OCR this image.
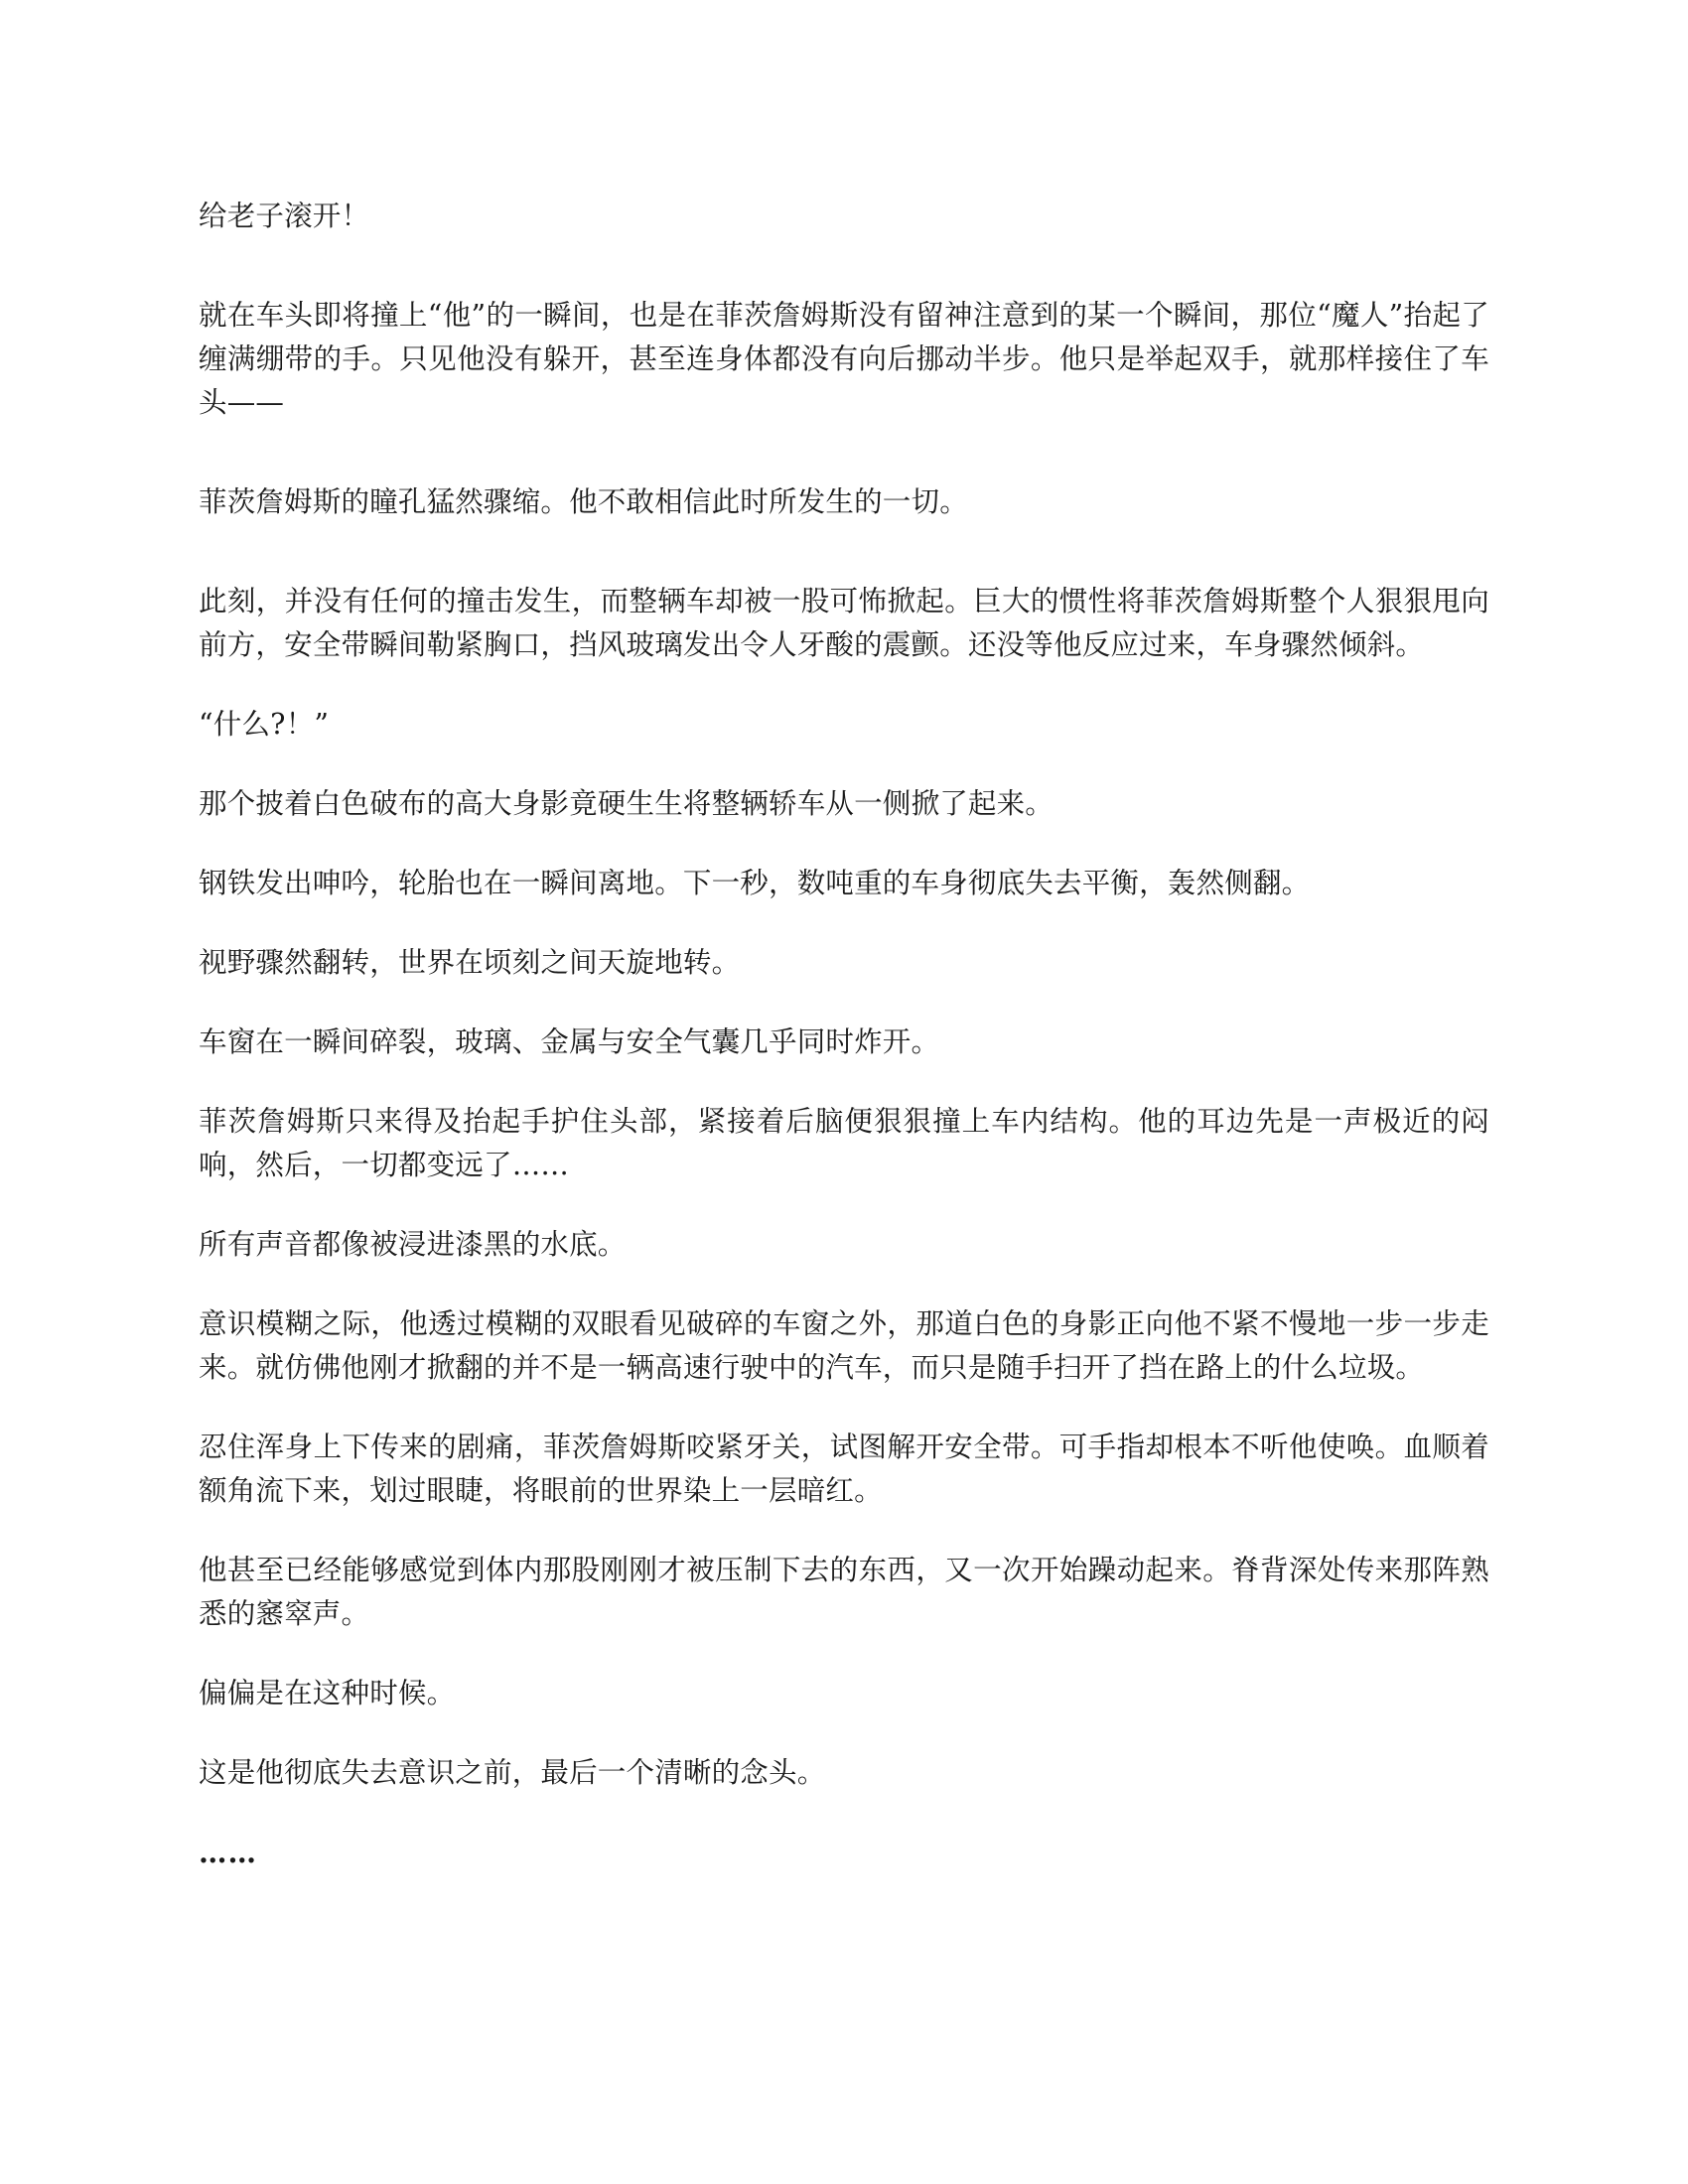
给老子滚开！

就在车头即将撞上“他”的一瞬间，也是在菲茨詹姆斯没有留神注意到的某一个瞬间，那位“魔人”抬起了缠满绷带的手。只见他没有躲开，甚至连身体都没有向后挪动半步。他只是举起双手，就那样接住了车头——

菲茨詹姆斯的瞳孔猛然骤缩。他不敢相信此时所发生的一切。

此刻，并没有任何的撞击发生，而整辆车却被一股可怖掀起。巨大的惯性将菲茨詹姆斯整个人狠狠甩向前方，安全带瞬间勒紧胸口，挡风玻璃发出令人牙酸的震颤。还没等他反应过来，车身骤然倾斜。

“什么?！”

那个披着白色破布的高大身影竟硬生生将整辆轿车从一侧掀了起来。

钢铁发出呻吟，轮胎也在一瞬间离地。下一秒，数吨重的车身彻底失去平衡，轰然侧翻。

视野骤然翻转，世界在顷刻之间天旋地转。

车窗在一瞬间碎裂，玻璃、金属与安全气囊几乎同时炸开。

菲茨詹姆斯只来得及抬起手护住头部，紧接着后脑便狠狠撞上车内结构。他的耳边先是一声极近的闷响，然后，一切都变远了……

所有声音都像被浸进漆黑的水底。

意识模糊之际，他透过模糊的双眼看见破碎的车窗之外，那道白色的身影正向他不紧不慢地一步一步走来。就仿佛他刚才掀翻的并不是一辆高速行驶中的汽车，而只是随手扫开了挡在路上的什么垃圾。

忍住浑身上下传来的剧痛，菲茨詹姆斯咬紧牙关，试图解开安全带。可手指却根本不听他使唤。血顺着额角流下来，划过眼睫，将眼前的世界染上一层暗红。

他甚至已经能够感觉到体内那股刚刚才被压制下去的东西，又一次开始躁动起来。脊背深处传来那阵熟悉的窸窣声。

偏偏是在这种时候。

这是他彻底失去意识之前，最后一个清晰的念头。

……
